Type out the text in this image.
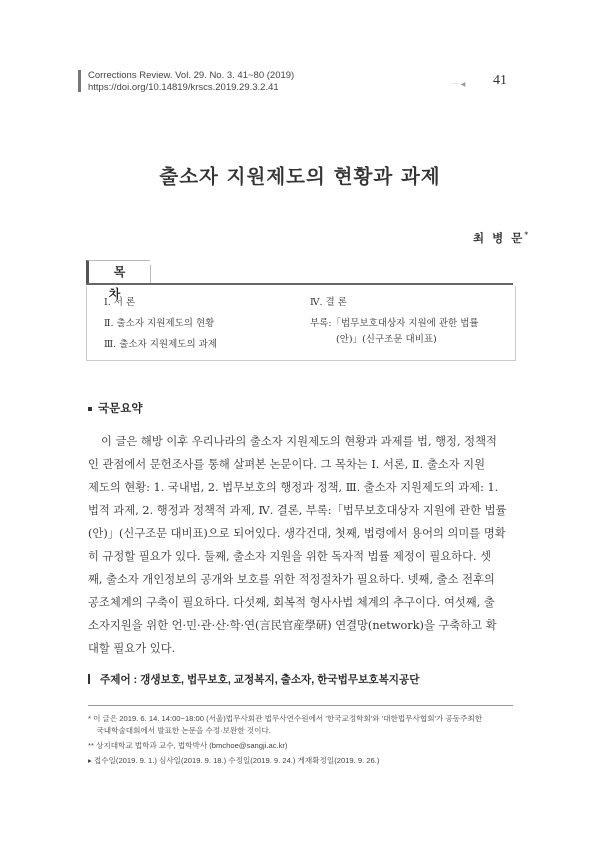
Corrections Review. Vol. 29. No. 3. 41~80 (2019)
https://doi.org/10.14819/krscs.2019.29.3.2.41	ㅡ ◀ 41
출소자 지원제도의 현황과 과제
최 병 문*
목 차
Ⅰ. 서 론
Ⅱ. 출소자 지원제도의 현황
Ⅲ. 출소자 지원제도의 과제
Ⅳ. 결 론
부록:「법무보호대상자 지원에 관한 법률
(안)」(신구조문 대비표)
국문요약
이 글은 해방 이후 우리나라의 출소자 지원제도의 현황과 과제를 법, 행정, 정책적
인 관점에서 문헌조사를 통해 살펴본 논문이다. 그 목차는 Ⅰ. 서론, Ⅱ. 출소자 지원
제도의 현황: 1. 국내법, 2. 법무보호의 행정과 정책, Ⅲ. 출소자 지원제도의 과제: 1.
법적 과제, 2. 행정과 정책적 과제, Ⅳ. 결론, 부록:「법무보호대상자 지원에 관한 법률
(안)」(신구조문 대비표)으로 되어있다. 생각건대, 첫째, 법령에서 용어의 의미를 명확
히 규정할 필요가 있다. 둘째, 출소자 지원을 위한 독자적 법률 제정이 필요하다. 셋
째, 출소자 개인정보의 공개와 보호를 위한 적정절차가 필요하다. 넷째, 출소 전후의
공조체계의 구축이 필요하다. 다섯째, 회복적 형사사법 체계의 추구이다. 여섯째, 출
소자지원을 위한 언·민·관·산·학·연(言民官産學硏) 연결망(network)을 구축하고 확
대할 필요가 있다.
주제어 : 갱생보호, 법무보호, 교정복지, 출소자, 한국법무보호복지공단
* 이 글은 2019. 6. 14. 14:00~18:00 (서울)법무사회관 법무사연수원에서 '한국교정학회'와 '대한법무사협회'가 공동주최한
국내학술대회에서 발표한 논문을 수정·보완한 것이다.
** 상지대학교 법학과 교수, 법학박사 (bmchoe@sangji.ac.kr)
▸ 접수일(2019. 9. 1.) 심사일(2019. 9. 18.) 수정일(2019. 9. 24.) 게재확정일(2019. 9. 26.)
